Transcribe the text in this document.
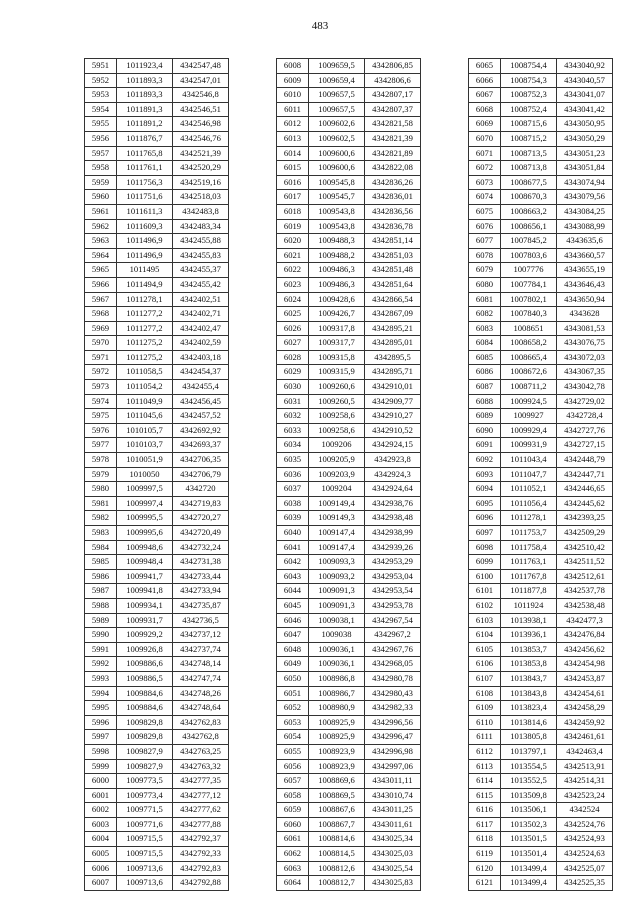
483
5951	1011923,4	4342547,48
5952	1011893,3	4342547,01
5953	1011893,3	4342546,8
5954	1011891,3	4342546,51
5955	1011891,2	4342546,98
5956	1011876,7	4342546,76
5957	1011765,8	4342521,39
5958	1011761,1	4342520,29
5959	1011756,3	4342519,16
5960	1011751,6	4342518,03
5961	1011611,3	4342483,8
5962	1011609,3	4342483,34
5963	1011496,9	4342455,88
5964	1011496,9	4342455,83
5965	1011495	4342455,37
5966	1011494,9	4342455,42
5967	1011278,1	4342402,51
5968	1011277,2	4342402,71
5969	1011277,2	4342402,47
5970	1011275,2	4342402,59
5971	1011275,2	4342403,18
5972	1011058,5	4342454,37
5973	1011054,2	4342455,4
5974	1011049,9	4342456,45
5975	1011045,6	4342457,52
5976	1010105,7	4342692,92
5977	1010103,7	4342693,37
5978	1010051,9	4342706,35
5979	1010050	4342706,79
5980	1009997,5	4342720
5981	1009997,4	4342719,83
5982	1009995,5	4342720,27
5983	1009995,6	4342720,49
5984	1009948,6	4342732,24
5985	1009948,4	4342731,38
5986	1009941,7	4342733,44
5987	1009941,8	4342733,94
5988	1009934,1	4342735,87
5989	1009931,7	4342736,5
5990	1009929,2	4342737,12
5991	1009926,8	4342737,74
5992	1009886,6	4342748,14
5993	1009886,5	4342747,74
5994	1009884,6	4342748,26
5995	1009884,6	4342748,64
5996	1009829,8	4342762,83
5997	1009829,8	4342762,8
5998	1009827,9	4342763,25
5999	1009827,9	4342763,32
6000	1009773,5	4342777,35
6001	1009773,4	4342777,12
6002	1009771,5	4342777,62
6003	1009771,6	4342777,88
6004	1009715,5	4342792,37
6005	1009715,5	4342792,33
6006	1009713,6	4342792,83
6007	1009713,6	4342792,88
6008	1009659,5	4342806,85
6009	1009659,4	4342806,6
6010	1009657,5	4342807,17
6011	1009657,5	4342807,37
6012	1009602,6	4342821,58
6013	1009602,5	4342821,39
6014	1009600,6	4342821,89
6015	1009600,6	4342822,08
6016	1009545,8	4342836,26
6017	1009545,7	4342836,01
6018	1009543,8	4342836,56
6019	1009543,8	4342836,78
6020	1009488,3	4342851,14
6021	1009488,2	4342851,03
6022	1009486,3	4342851,48
6023	1009486,3	4342851,64
6024	1009428,6	4342866,54
6025	1009426,7	4342867,09
6026	1009317,8	4342895,21
6027	1009317,7	4342895,01
6028	1009315,8	4342895,5
6029	1009315,9	4342895,71
6030	1009260,6	4342910,01
6031	1009260,5	4342909,77
6032	1009258,6	4342910,27
6033	1009258,6	4342910,52
6034	1009206	4342924,15
6035	1009205,9	4342923,8
6036	1009203,9	4342924,3
6037	1009204	4342924,64
6038	1009149,4	4342938,76
6039	1009149,3	4342938,48
6040	1009147,4	4342938,99
6041	1009147,4	4342939,26
6042	1009093,3	4342953,29
6043	1009093,2	4342953,04
6044	1009091,3	4342953,54
6045	1009091,3	4342953,78
6046	1009038,1	4342967,54
6047	1009038	4342967,2
6048	1009036,1	4342967,76
6049	1009036,1	4342968,05
6050	1008986,8	4342980,78
6051	1008986,7	4342980,43
6052	1008980,9	4342982,33
6053	1008925,9	4342996,56
6054	1008925,9	4342996,47
6055	1008923,9	4342996,98
6056	1008923,9	4342997,06
6057	1008869,6	4343011,11
6058	1008869,5	4343010,74
6059	1008867,6	4343011,25
6060	1008867,7	4343011,61
6061	1008814,6	4343025,34
6062	1008814,5	4343025,03
6063	1008812,6	4343025,54
6064	1008812,7	4343025,83
6065	1008754,4	4343040,92
6066	1008754,3	4343040,57
6067	1008752,3	4343041,07
6068	1008752,4	4343041,42
6069	1008715,6	4343050,95
6070	1008715,2	4343050,29
6071	1008713,5	4343051,23
6072	1008713,8	4343051,84
6073	1008677,5	4343074,94
6074	1008670,3	4343079,56
6075	1008663,2	4343084,25
6076	1008656,1	4343088,99
6077	1007845,2	4343635,6
6078	1007803,6	4343660,57
6079	1007776	4343655,19
6080	1007784,1	4343646,43
6081	1007802,1	4343650,94
6082	1007840,3	4343628
6083	1008651	4343081,53
6084	1008658,2	4343076,75
6085	1008665,4	4343072,03
6086	1008672,6	4343067,35
6087	1008711,2	4343042,78
6088	1009924,5	4342729,02
6089	1009927	4342728,4
6090	1009929,4	4342727,76
6091	1009931,9	4342727,15
6092	1011043,4	4342448,79
6093	1011047,7	4342447,71
6094	1011052,1	4342446,65
6095	1011056,4	4342445,62
6096	1011278,1	4342393,25
6097	1011753,7	4342509,29
6098	1011758,4	4342510,42
6099	1011763,1	4342511,52
6100	1011767,8	4342512,61
6101	1011877,8	4342537,78
6102	1011924	4342538,48
6103	1013938,1	4342477,3
6104	1013936,1	4342476,84
6105	1013853,7	4342456,62
6106	1013853,8	4342454,98
6107	1013843,7	4342453,87
6108	1013843,8	4342454,61
6109	1013823,4	4342458,29
6110	1013814,6	4342459,92
6111	1013805,8	4342461,61
6112	1013797,1	4342463,4
6113	1013554,5	4342513,91
6114	1013552,5	4342514,31
6115	1013509,8	4342523,24
6116	1013506,1	4342524
6117	1013502,3	4342524,76
6118	1013501,5	4342524,93
6119	1013501,4	4342524,63
6120	1013499,4	4342525,07
6121	1013499,4	4342525,35
